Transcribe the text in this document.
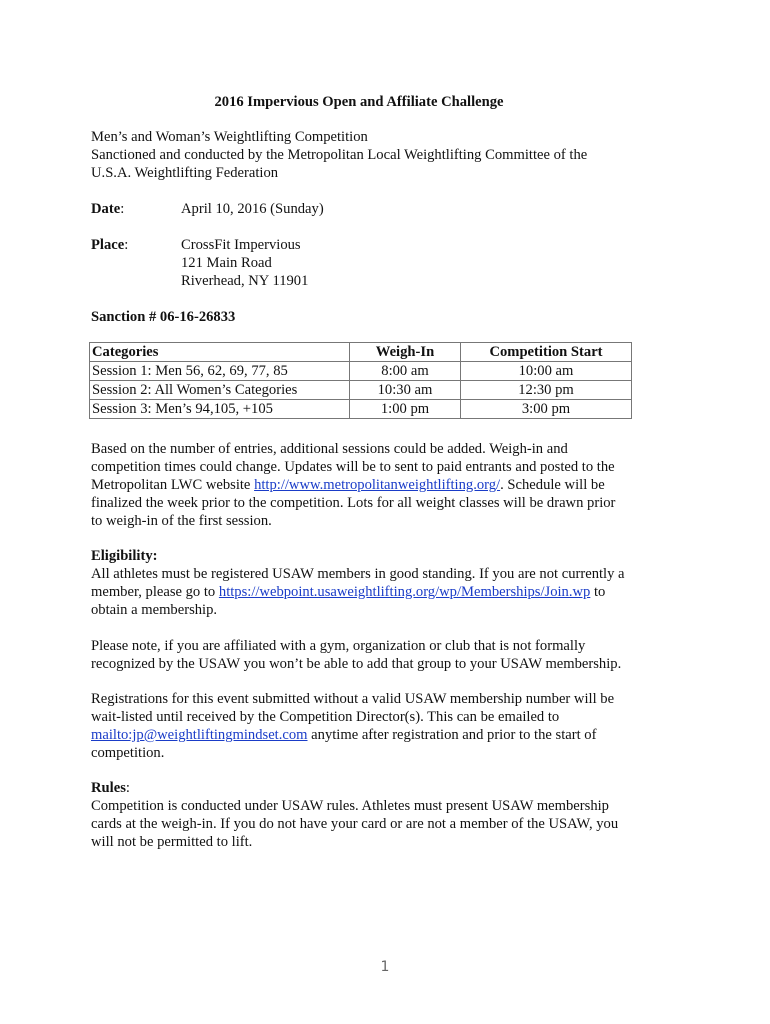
2016 Impervious Open and Affiliate Challenge
Men’s and Woman’s Weightlifting Competition
Sanctioned and conducted by the Metropolitan Local Weightlifting Committee of the
U.S.A. Weightlifting Federation
Date:	April 10, 2016 (Sunday)
Place:	CrossFit Impervious
121 Main Road
Riverhead, NY 11901
Sanction # 06-16-26833
Categories	Weigh-In	Competition Start
Session 1: Men 56, 62, 69, 77, 85	8:00 am	10:00 am
Session 2: All Women’s Categories	10:30 am	12:30 pm
Session 3: Men’s 94,105, +105	1:00 pm	3:00 pm
Based on the number of entries, additional sessions could be added. Weigh-in and
competition times could change. Updates will be to sent to paid entrants and posted to the
Metropolitan LWC website http://www.metropolitanweightlifting.org/. Schedule will be
finalized the week prior to the competition. Lots for all weight classes will be drawn prior
to weigh-in of the first session.
Eligibility:
All athletes must be registered USAW members in good standing. If you are not currently a
member, please go to https://webpoint.usaweightlifting.org/wp/Memberships/Join.wp to
obtain a membership.
Please note, if you are affiliated with a gym, organization or club that is not formally
recognized by the USAW you won’t be able to add that group to your USAW membership.
Registrations for this event submitted without a valid USAW membership number will be
wait-listed until received by the Competition Director(s). This can be emailed to
mailto:jp@weightliftingmindset.com anytime after registration and prior to the start of
competition.
Rules:
Competition is conducted under USAW rules. Athletes must present USAW membership
cards at the weigh-in. If you do not have your card or are not a member of the USAW, you
will not be permitted to lift.
1
